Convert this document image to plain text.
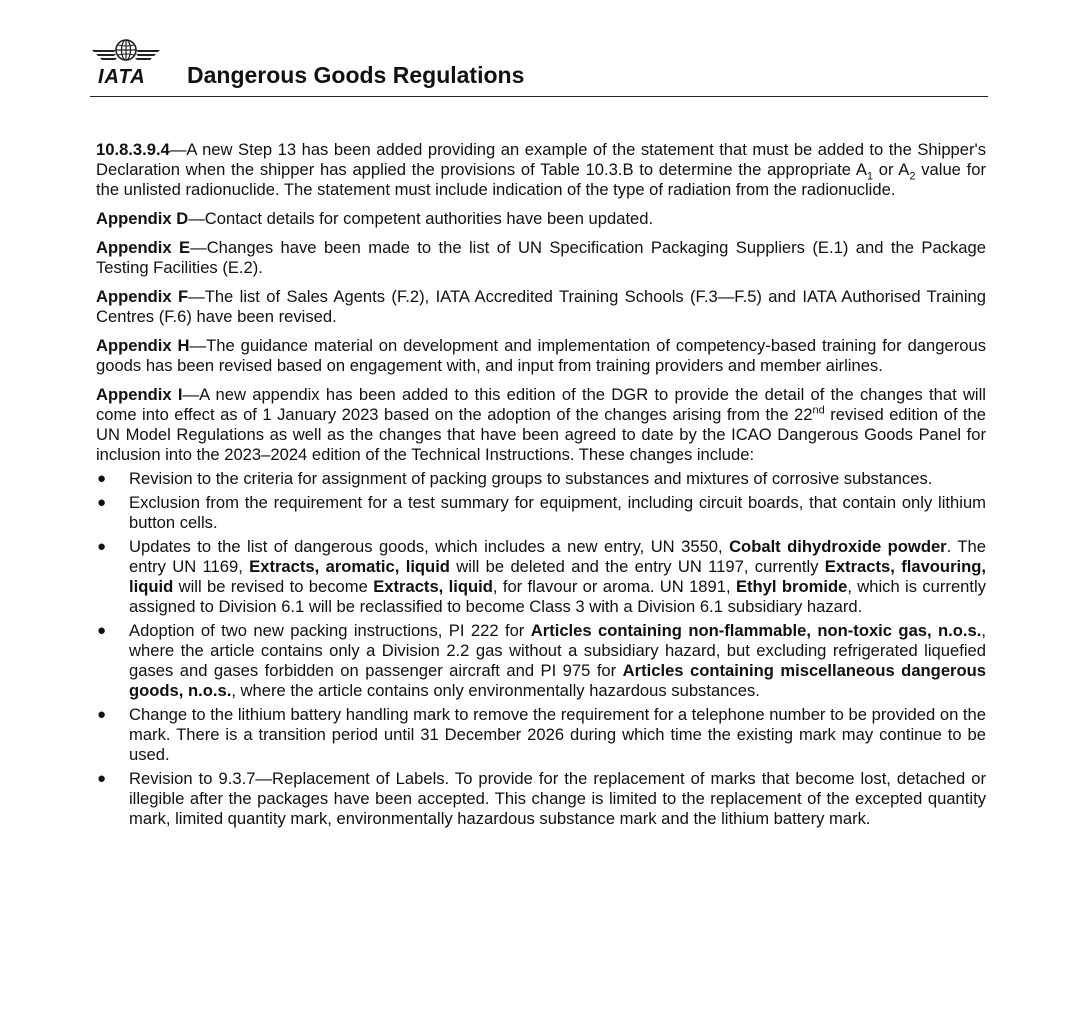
IATA Dangerous Goods Regulations

10.8.3.9.4—A new Step 13 has been added providing an example of the statement that must be added to the Shipper's Declaration when the shipper has applied the provisions of Table 10.3.B to determine the appropriate $A_1$ or $A_2$ value for the unlisted radionuclide. The statement must include indication of the type of radiation from the radionuclide.

Appendix D—Contact details for competent authorities have been updated.

Appendix E—Changes have been made to the list of UN Specification Packaging Suppliers (E.1) and the Package Testing Facilities (E.2).

Appendix F—The list of Sales Agents (F.2), IATA Accredited Training Schools (F.3—F.5) and IATA Authorised Training Centres (F.6) have been revised.

Appendix H—The guidance material on development and implementation of competency-based training for dangerous goods has been revised based on engagement with, and input from training providers and member airlines.

Appendix I—A new appendix has been added to this edition of the DGR to provide the detail of the changes that will come into effect as of 1 January 2023 based on the adoption of the changes arising from the 22nd revised edition of the UN Model Regulations as well as the changes that have been agreed to date by the ICAO Dangerous Goods Panel for inclusion into the 2023–2024 edition of the Technical Instructions. These changes include:

● Revision to the criteria for assignment of packing groups to substances and mixtures of corrosive substances.
● Exclusion from the requirement for a test summary for equipment, including circuit boards, that contain only lithium button cells.
● Updates to the list of dangerous goods, which includes a new entry, UN 3550, Cobalt dihydroxide powder. The entry UN 1169, Extracts, aromatic, liquid will be deleted and the entry UN 1197, currently Extracts, flavouring, liquid will be revised to become Extracts, liquid, for flavour or aroma. UN 1891, Ethyl bromide, which is currently assigned to Division 6.1 will be reclassified to become Class 3 with a Division 6.1 subsidiary hazard.
● Adoption of two new packing instructions, PI 222 for Articles containing non-flammable, non-toxic gas, n.o.s., where the article contains only a Division 2.2 gas without a subsidiary hazard, but excluding refrigerated liquefied gases and gases forbidden on passenger aircraft and PI 975 for Articles containing miscellaneous dangerous goods, n.o.s., where the article contains only environmentally hazardous substances.
● Change to the lithium battery handling mark to remove the requirement for a telephone number to be provided on the mark. There is a transition period until 31 December 2026 during which time the existing mark may continue to be used.
● Revision to 9.3.7—Replacement of Labels. To provide for the replacement of marks that become lost, detached or illegible after the packages have been accepted. This change is limited to the replacement of the excepted quantity mark, limited quantity mark, environmentally hazardous substance mark and the lithium battery mark.
